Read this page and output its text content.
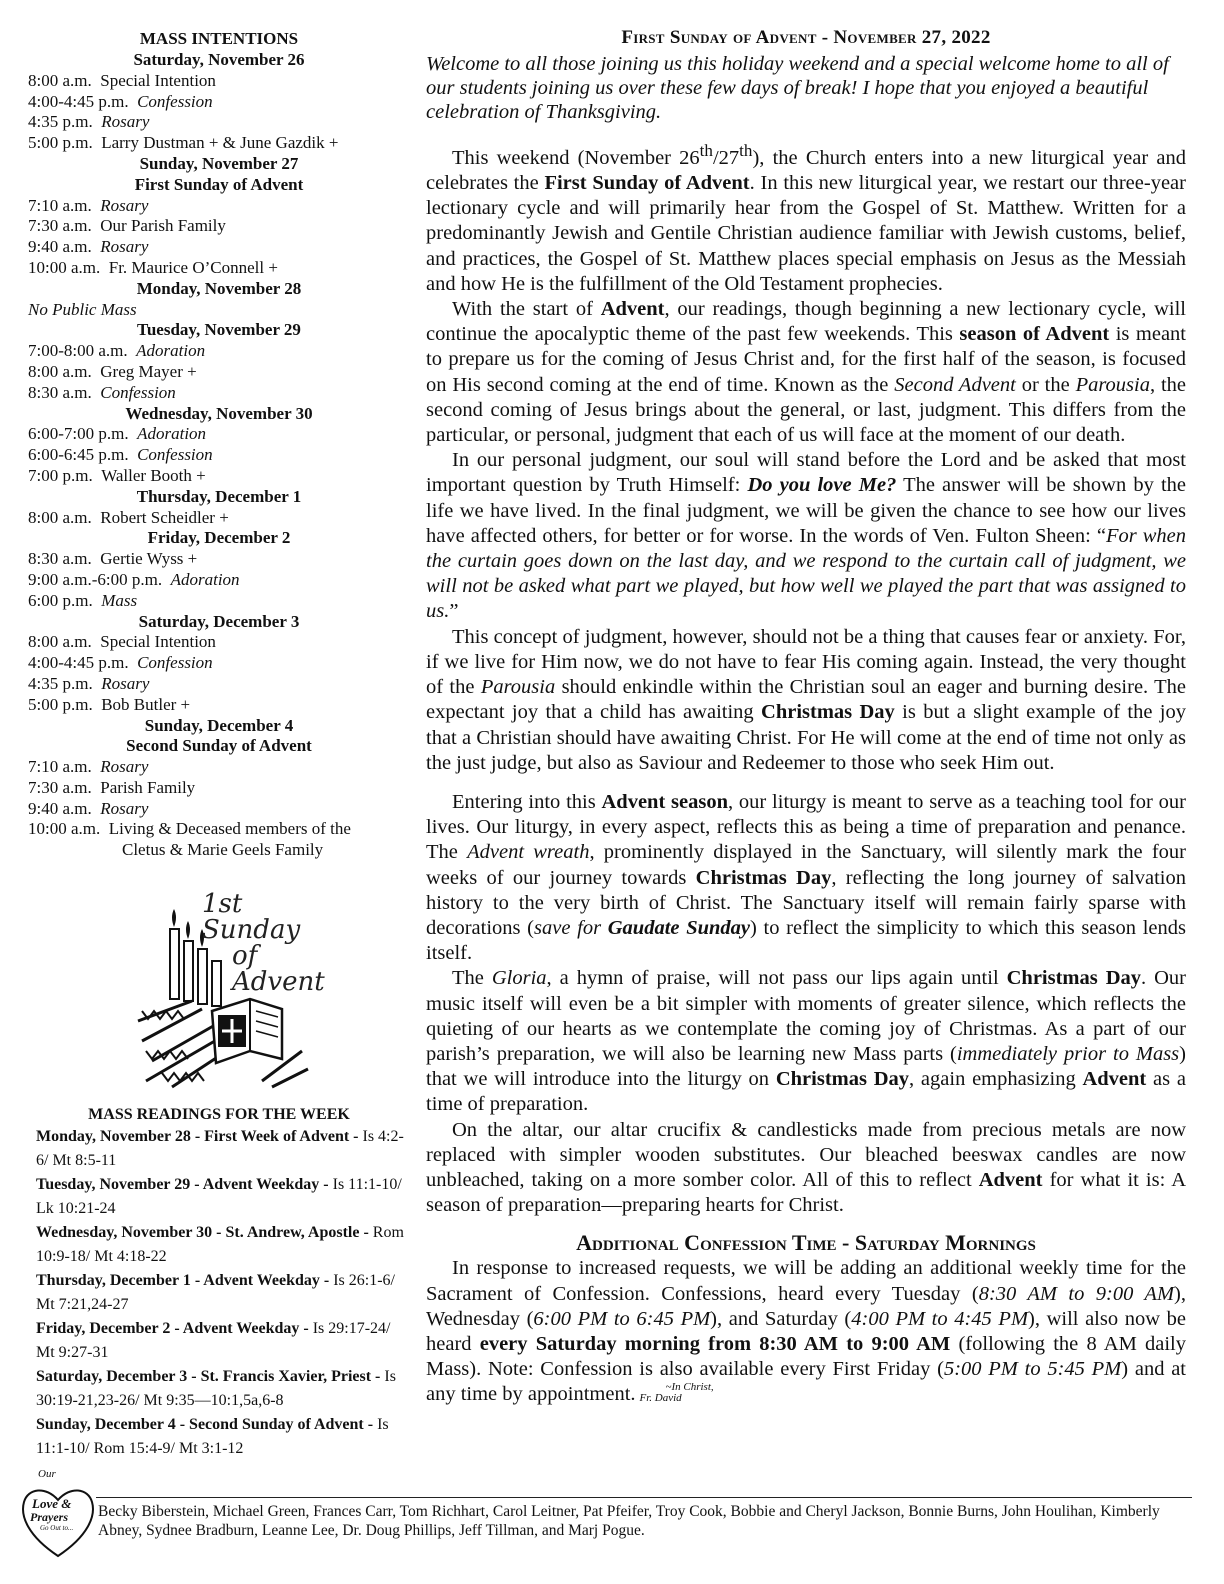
MASS INTENTIONS
Saturday, November 26
8:00 a.m. Special Intention
4:00-4:45 p.m. Confession
4:35 p.m. Rosary
5:00 p.m. Larry Dustman + & June Gazdik +
Sunday, November 27
First Sunday of Advent
7:10 a.m. Rosary
7:30 a.m. Our Parish Family
9:40 a.m. Rosary
10:00 a.m. Fr. Maurice O’Connell +
Monday, November 28
No Public Mass
Tuesday, November 29
7:00-8:00 a.m. Adoration
8:00 a.m. Greg Mayer +
8:30 a.m. Confession
Wednesday, November 30
6:00-7:00 p.m. Adoration
6:00-6:45 p.m. Confession
7:00 p.m. Waller Booth +
Thursday, December 1
8:00 a.m. Robert Scheidler +
Friday, December 2
8:30 a.m. Gertie Wyss +
9:00 a.m.-6:00 p.m. Adoration
6:00 p.m. Mass
Saturday, December 3
8:00 a.m. Special Intention
4:00-4:45 p.m. Confession
4:35 p.m. Rosary
5:00 p.m. Bob Butler +
Sunday, December 4
Second Sunday of Advent
7:10 a.m. Rosary
7:30 a.m. Parish Family
9:40 a.m. Rosary
10:00 a.m. Living & Deceased members of the
Cletus & Marie Geels Family
1st Sunday
of Advent
MASS READINGS FOR THE WEEK
Monday, November 28 - First Week of Advent - Is 4:2-6/ Mt 8:5-11
Tuesday, November 29 - Advent Weekday - Is 11:1-10/ Lk 10:21-24
Wednesday, November 30 - St. Andrew, Apostle - Rom 10:9-18/ Mt 4:18-22
Thursday, December 1 - Advent Weekday - Is 26:1-6/ Mt 7:21,24-27
Friday, December 2 - Advent Weekday - Is 29:17-24/ Mt 9:27-31
Saturday, December 3 - St. Francis Xavier, Priest - Is 30:19-21,23-26/ Mt 9:35—10:1,5a,6-8
Sunday, December 4 - Second Sunday of Advent - Is 11:1-10/ Rom 15:4-9/ Mt 3:1-12
First Sunday of Advent - November 27, 2022
Welcome to all those joining us this holiday weekend and a special welcome home to all of our students joining us over these few days of break! I hope that you enjoyed a beautiful celebration of Thanksgiving.

This weekend (November 26th/27th), the Church enters into a new liturgical year and celebrates the First Sunday of Advent. In this new liturgical year, we restart our three-year lectionary cycle and will primarily hear from the Gospel of St. Matthew. Written for a predominantly Jewish and Gentile Christian audience familiar with Jewish customs, belief, and practices, the Gospel of St. Matthew places special emphasis on Jesus as the Messiah and how He is the fulfillment of the Old Testament prophecies.

With the start of Advent, our readings, though beginning a new lectionary cycle, will continue the apocalyptic theme of the past few weekends. This season of Advent is meant to prepare us for the coming of Jesus Christ and, for the first half of the season, is focused on His second coming at the end of time. Known as the Second Advent or the Parousia, the second coming of Jesus brings about the general, or last, judgment. This differs from the particular, or personal, judgment that each of us will face at the moment of our death.

In our personal judgment, our soul will stand before the Lord and be asked that most important question by Truth Himself: Do you love Me? The answer will be shown by the life we have lived. In the final judgment, we will be given the chance to see how our lives have affected others, for better or for worse. In the words of Ven. Fulton Sheen: “For when the curtain goes down on the last day, and we respond to the curtain call of judgment, we will not be asked what part we played, but how well we played the part that was assigned to us.”

This concept of judgment, however, should not be a thing that causes fear or anxiety. For, if we live for Him now, we do not have to fear His coming again. Instead, the very thought of the Parousia should enkindle within the Christian soul an eager and burning desire. The expectant joy that a child has awaiting Christmas Day is but a slight example of the joy that a Christian should have awaiting Christ. For He will come at the end of time not only as the just judge, but also as Saviour and Redeemer to those who seek Him out.

Entering into this Advent season, our liturgy is meant to serve as a teaching tool for our lives. Our liturgy, in every aspect, reflects this as being a time of preparation and penance. The Advent wreath, prominently displayed in the Sanctuary, will silently mark the four weeks of our journey towards Christmas Day, reflecting the long journey of salvation history to the very birth of Christ. The Sanctuary itself will remain fairly sparse with decorations (save for Gaudate Sunday) to reflect the simplicity to which this season lends itself.

The Gloria, a hymn of praise, will not pass our lips again until Christmas Day. Our music itself will even be a bit simpler with moments of greater silence, which reflects the quieting of our hearts as we contemplate the coming joy of Christmas. As a part of our parish’s preparation, we will also be learning new Mass parts (immediately prior to Mass) that we will introduce into the liturgy on Christmas Day, again emphasizing Advent as a time of preparation.

On the altar, our altar crucifix & candlesticks made from precious metals are now replaced with simpler wooden substitutes. Our bleached beeswax candles are now unbleached, taking on a more somber color. All of this to reflect Advent for what it is: A season of preparation—preparing hearts for Christ.

Additional Confession Time - Saturday Mornings

In response to increased requests, we will be adding an additional weekly time for the Sacrament of Confession. Confessions, heard every Tuesday (8:30 AM to 9:00 AM), Wednesday (6:00 PM to 6:45 PM), and Saturday (4:00 PM to 4:45 PM), will also now be heard every Saturday morning from 8:30 AM to 9:00 AM (following the 8 AM daily Mass). Note: Confession is also available every First Friday (5:00 PM to 5:45 PM) and at any time by appointment.	~In Christ,
Fr. David

Our
Love &
Prayers
Go Out to...
Becky Biberstein, Michael Green, Frances Carr, Tom Richhart, Carol Leitner, Pat Pfeifer, Troy Cook, Bobbie and Cheryl Jackson, Bonnie Burns, John Houlihan, Kimberly Abney, Sydnee Bradburn, Leanne Lee, Dr. Doug Phillips, Jeff Tillman, and Marj Pogue.
